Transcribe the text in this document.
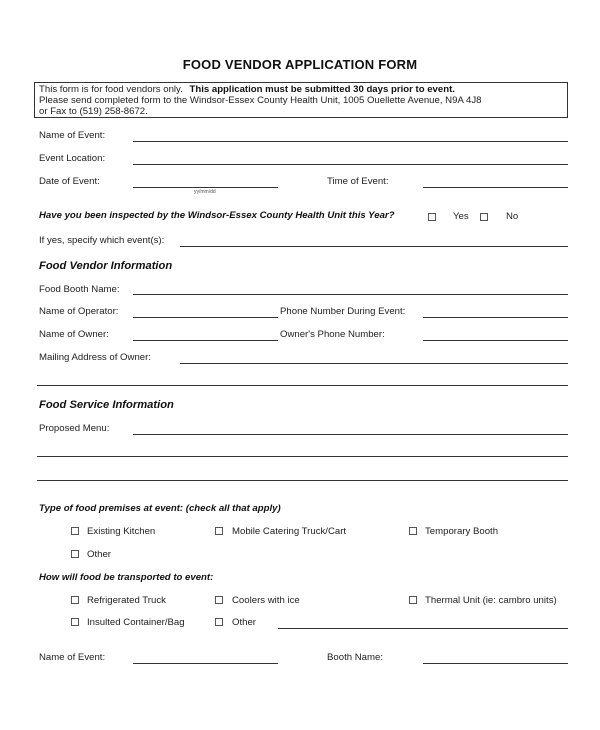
FOOD VENDOR APPLICATION FORM
This form is for food vendors only. This application must be submitted 30 days prior to event.
Please send completed form to the Windsor-Essex County Health Unit, 1005 Ouellette Avenue, N9A 4J8
or Fax to (519) 258-8672.
Name of Event:
Event Location:
Date of Event:
yy/mm/dd
Time of Event:
Have you been inspected by the Windsor-Essex County Health Unit this Year?	Yes	No
If yes, specify which event(s):
Food Vendor Information
Food Booth Name:
Name of Operator:	Phone Number During Event:
Name of Owner:	Owner's Phone Number:
Mailing Address of Owner:
Food Service Information
Proposed Menu:
Type of food premises at event: (check all that apply)
Existing Kitchen	Mobile Catering Truck/Cart	Temporary Booth
Other
How will food be transported to event:
Refrigerated Truck	Coolers with ice	Thermal Unit (ie: cambro units)
Insulted Container/Bag	Other
Name of Event:	Booth Name:
